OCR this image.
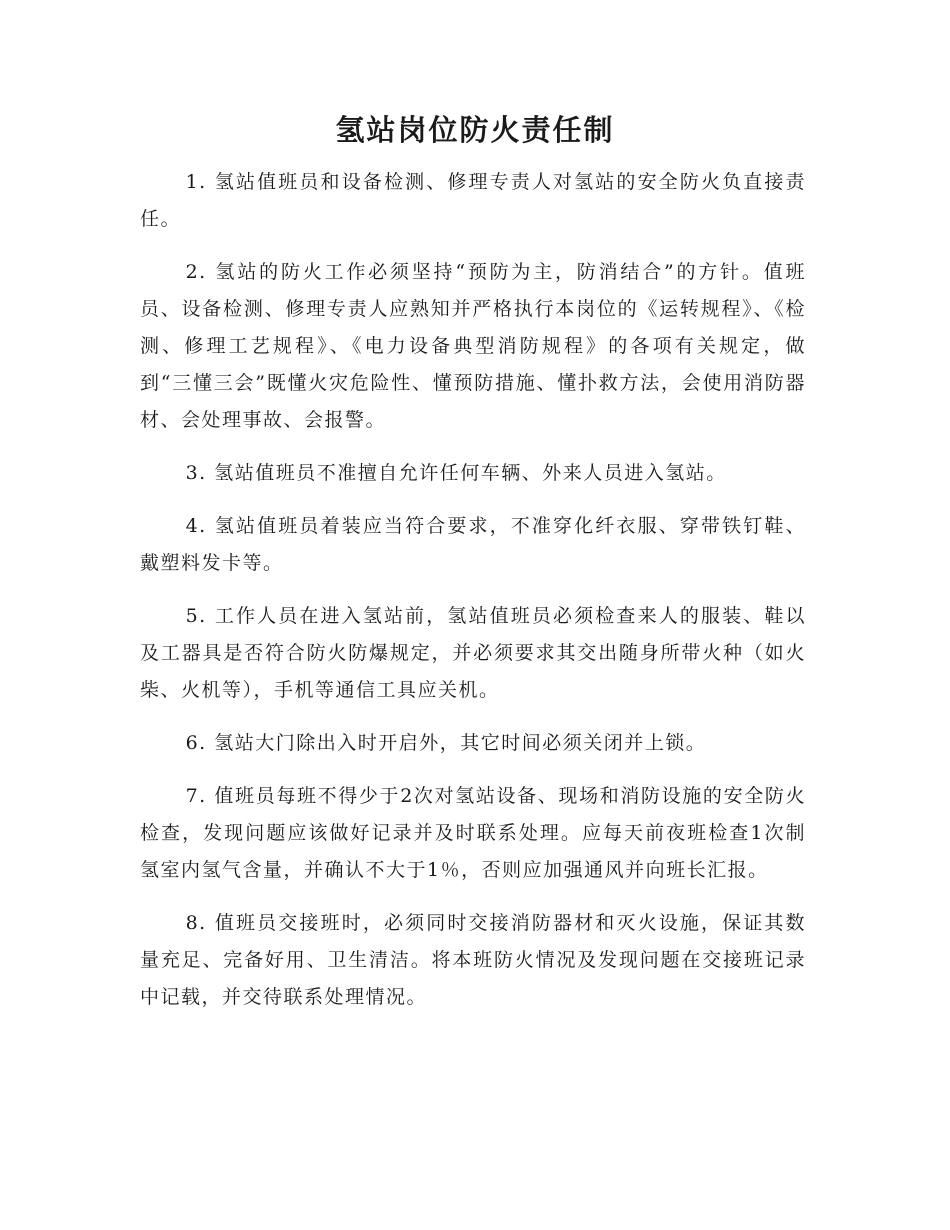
氢站岗位防火责任制

1. 氢站值班员和设备检测、修理专责人对氢站的安全防火负直接责任。

2. 氢站的防火工作必须坚持“预防为主，防消结合”的方针。值班员、设备检测、修理专责人应熟知并严格执行本岗位的《运转规程》、《检测、修理工艺规程》、《电力设备典型消防规程》的各项有关规定，做到“三懂三会”既懂火灾危险性、懂预防措施、懂扑救方法，会使用消防器材、会处理事故、会报警。

3. 氢站值班员不准擅自允许任何车辆、外来人员进入氢站。

4. 氢站值班员着装应当符合要求，不准穿化纤衣服、穿带铁钉鞋、戴塑料发卡等。

5. 工作人员在进入氢站前，氢站值班员必须检查来人的服装、鞋以及工器具是否符合防火防爆规定，并必须要求其交出随身所带火种（如火柴、火机等），手机等通信工具应关机。

6. 氢站大门除出入时开启外，其它时间必须关闭并上锁。

7. 值班员每班不得少于2次对氢站设备、现场和消防设施的安全防火检查，发现问题应该做好记录并及时联系处理。应每天前夜班检查1次制氢室内氢气含量，并确认不大于1％，否则应加强通风并向班长汇报。

8. 值班员交接班时，必须同时交接消防器材和灭火设施，保证其数量充足、完备好用、卫生清洁。将本班防火情况及发现问题在交接班记录中记载，并交待联系处理情况。
